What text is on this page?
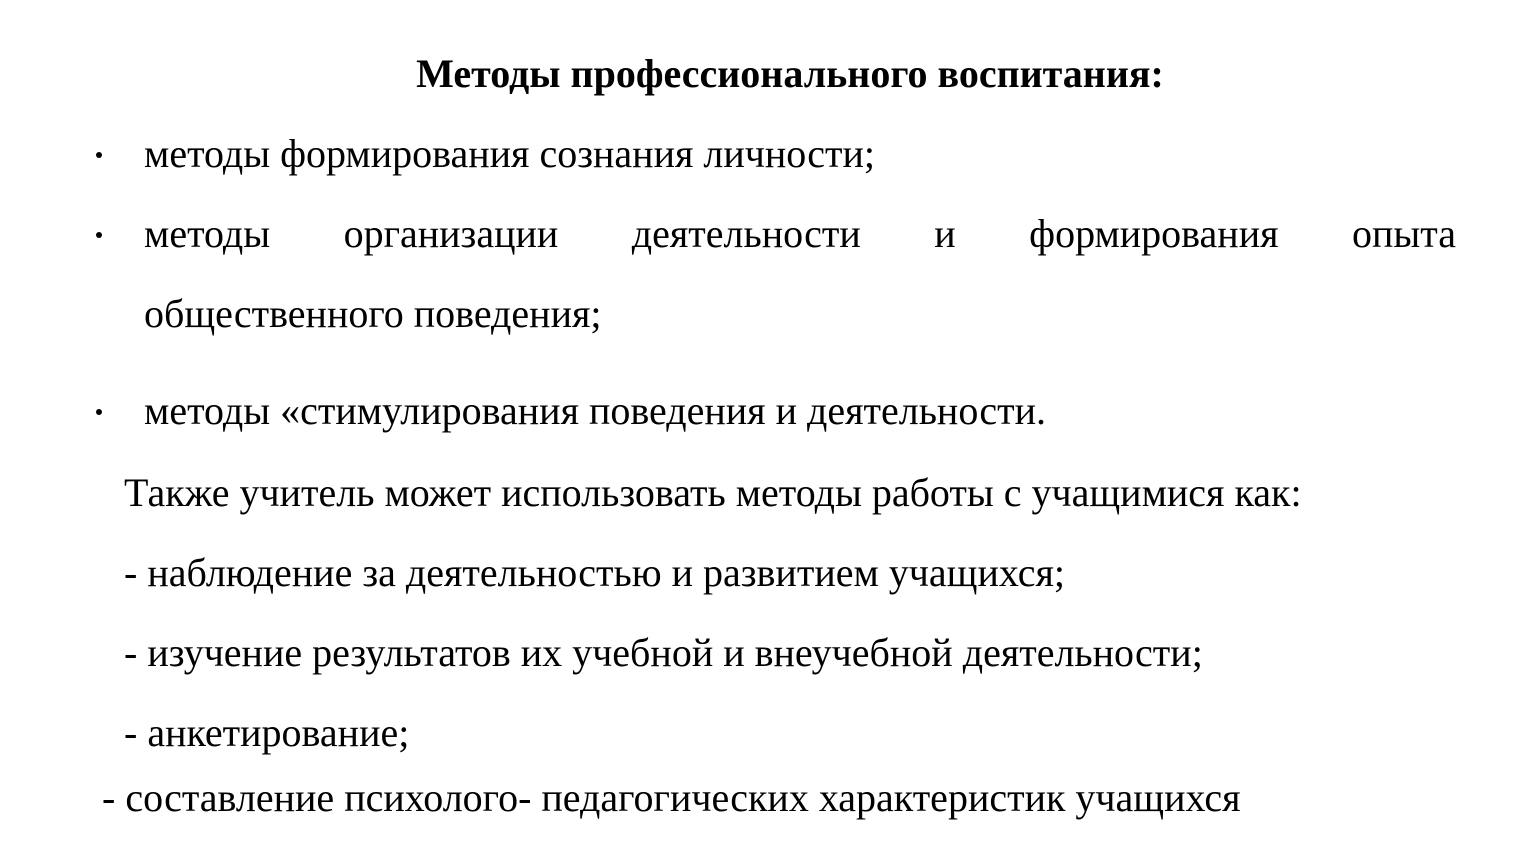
Методы профессионального воспитания:
методы формирования сознания личности;
методы организации деятельности и формирования опыта
общественного поведения;
методы «стимулирования поведения и деятельности.
Также учитель может использовать методы работы с учащимися как:
- наблюдение за деятельностью и развитием учащихся;
- изучение результатов их учебной и внеучебной деятельности;
- анкетирование;
- составление психолого- педагогических характеристик учащихся
